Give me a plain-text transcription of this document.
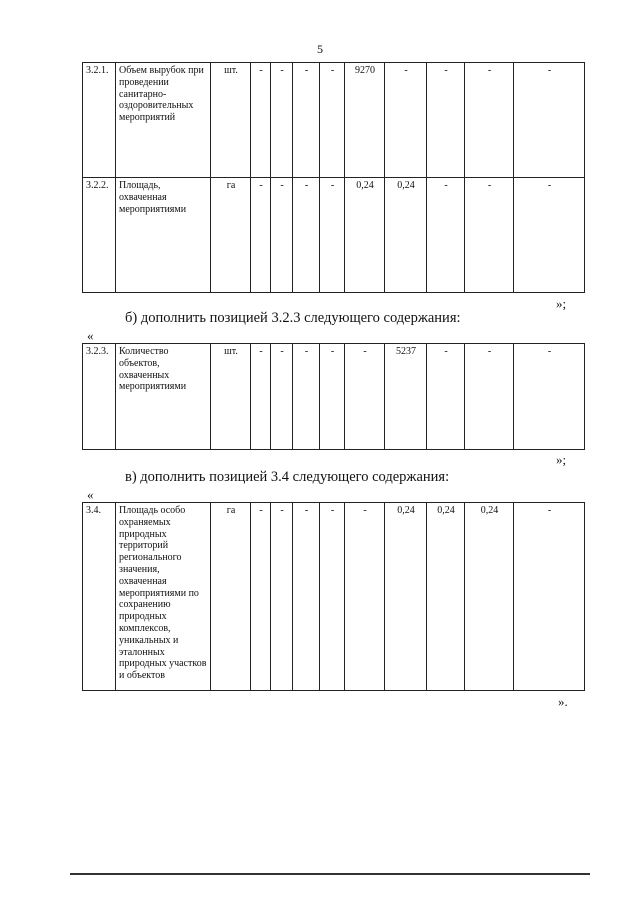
5
3.2.1.	Объем вырубок при проведении санитарно-оздоровительных мероприятий	шт.	-	-	-	-	9270	-	-	-	-
3.2.2.	Площадь, охваченная мероприятиями	га	-	-	-	-	0,24	0,24	-	-	-
»;
б) дополнить позицией 3.2.3 следующего содержания:
«
3.2.3.	Количество объектов, охваченных мероприятиями	шт.	-	-	-	-	-	5237	-	-	-
»;
в) дополнить позицией 3.4 следующего содержания:
«
3.4.	Площадь особо охраняемых природных территорий регионального значения, охваченная мероприятиями по сохранению природных комплексов, уникальных и эталонных природных участков и объектов	га	-	-	-	-	-	0,24	0,24	0,24	-
».
